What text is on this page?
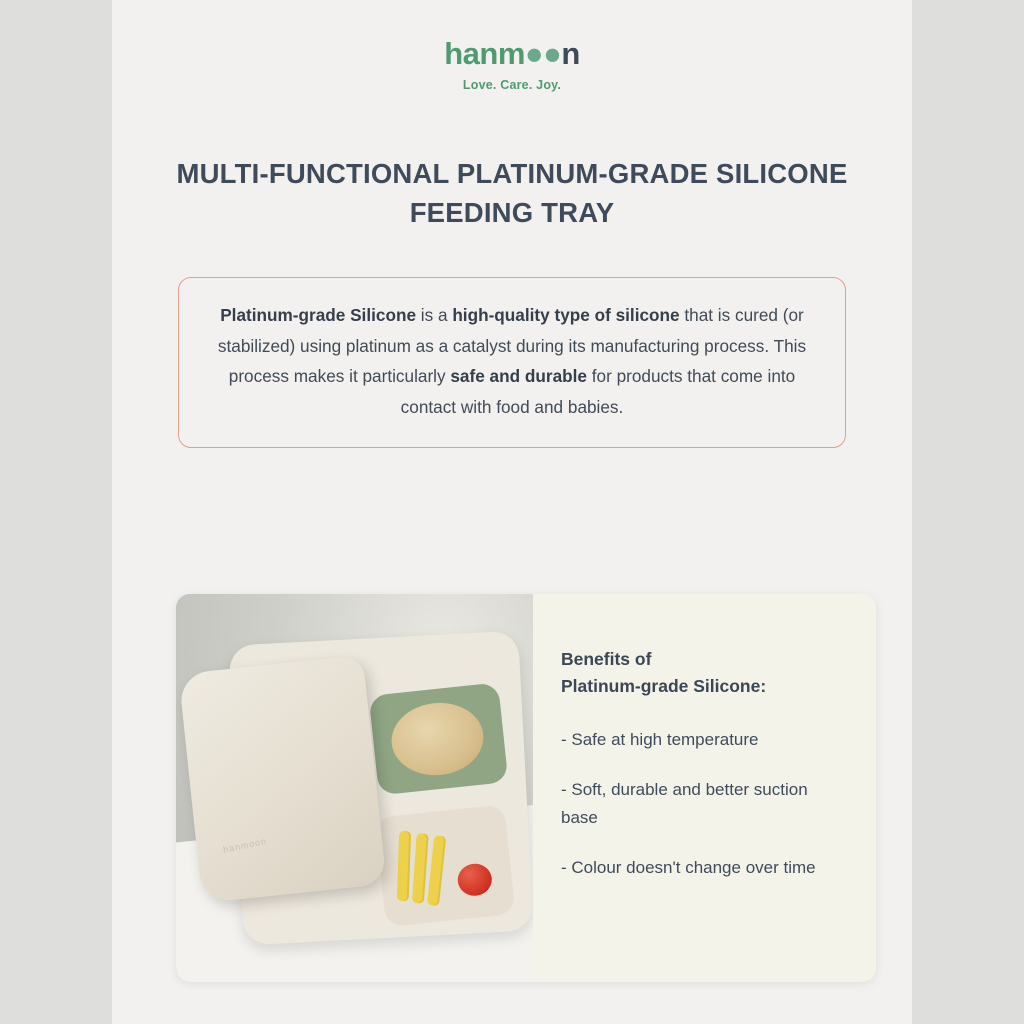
hanm●●n
Love. Care. Joy.
MULTI-FUNCTIONAL PLATINUM-GRADE SILICONE FEEDING TRAY
Platinum-grade Silicone is a high-quality type of silicone that is cured (or stabilized) using platinum as a catalyst during its manufacturing process. This process makes it particularly safe and durable for products that come into contact with food and babies.
hanmoon
Benefits of
Platinum-grade Silicone:
- Safe at high temperature
- Soft, durable and better suction base
- Colour doesn't change over time
